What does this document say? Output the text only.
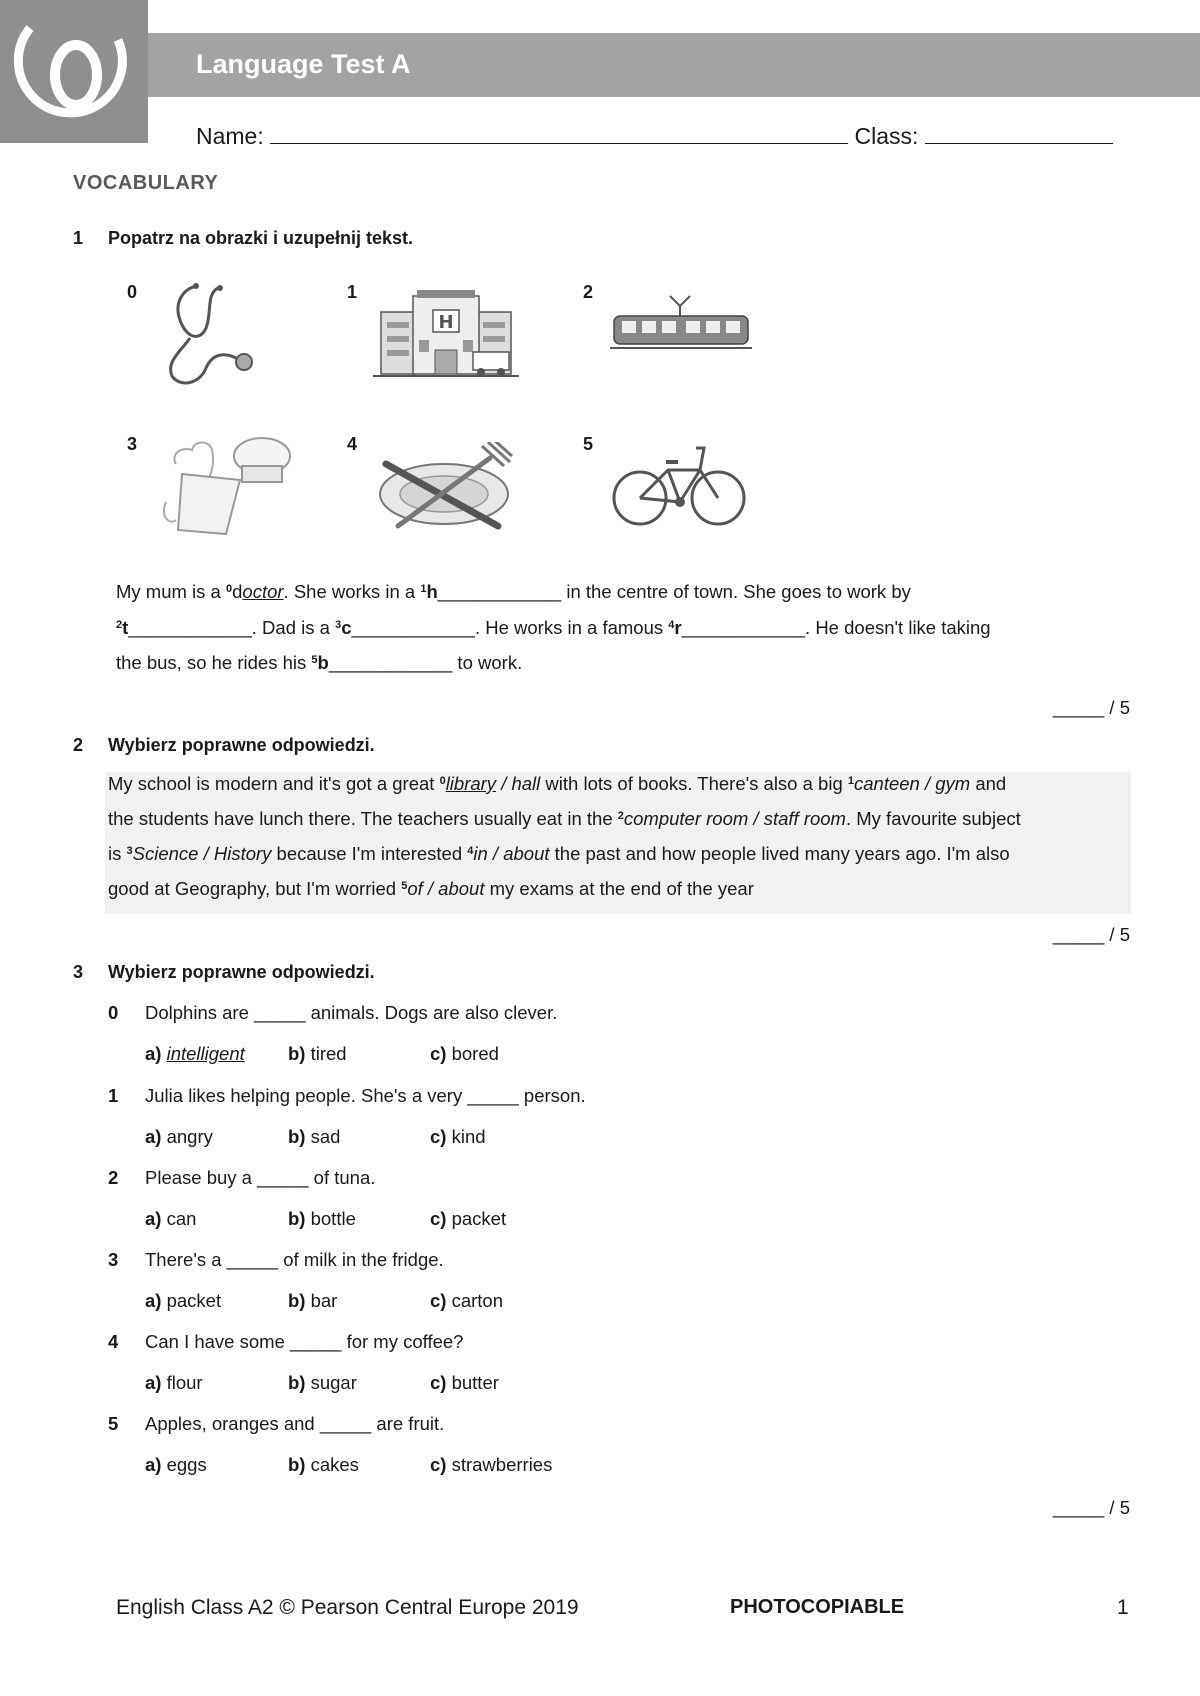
Language Test A
Name:	Class:
VOCABULARY
1 Popatrz na obrazki i uzupełnij tekst.
0	1	2
3	4	5
H
My mum is a $^0$doctor. She works in a $^1$h____________ in the centre of town. She goes to work by
$^2$t____________. Dad is a $^3$c____________. He works in a famous $^4$r____________. He doesn't like taking
the bus, so he rides his $^5$b____________ to work.
_____ / 5
2 Wybierz poprawne odpowiedzi.
My school is modern and it's got a great $^0$library / hall with lots of books. There's also a big $^1$canteen / gym and
the students have lunch there. The teachers usually eat in the $^2$computer room / staff room. My favourite subject
is $^3$Science / History because I'm interested $^4$in / about the past and how people lived many years ago. I'm also
good at Geography, but I'm worried $^5$of / about my exams at the end of the year
_____ / 5
3 Wybierz poprawne odpowiedzi.
0 Dolphins are _____ animals. Dogs are also clever.
a) intelligent b) tired	c) bored
1 Julia likes helping people. She's a very _____ person.
a) angry	b) sad	c) kind
2 Please buy a _____ of tuna.
a) can	b) bottle	c) packet
3 There's a _____ of milk in the fridge.
a) packet	b) bar	c) carton
4 Can I have some _____ for my coffee?
a) flour	b) sugar	c) butter
5 Apples, oranges and _____ are fruit.
a) eggs	b) cakes	c) strawberries
_____ / 5
English Class A2 © Pearson Central Europe 2019	PHOTOCOPIABLE	1
